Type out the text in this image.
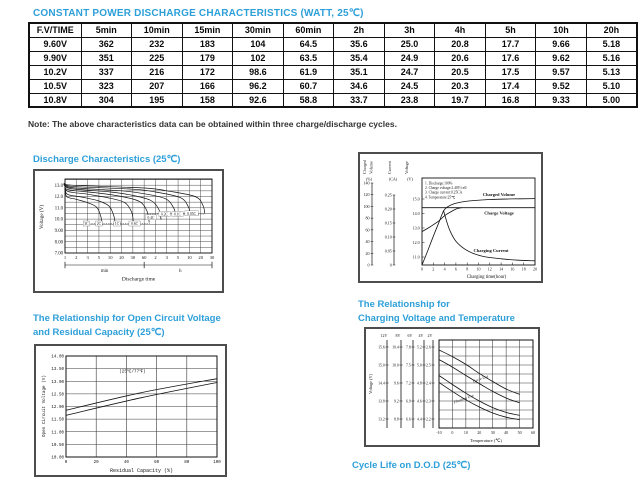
CONSTANT POWER DISCHARGE CHARACTERISTICS (WATT, 25℃)
F.V/TIME	5min	10min	15min	30min	60min	2h	3h	4h	5h	10h	20h
9.60V	362	232	183	104	64.5	35.6	25.0	20.8	17.7	9.66	5.18
9.90V	351	225	179	102	63.5	35.4	24.9	20.6	17.6	9.62	5.16
10.2V	337	216	172	98.6	61.9	35.1	24.7	20.5	17.5	9.57	5.13
10.5V	323	207	166	96.2	60.7	34.6	24.5	20.3	17.4	9.52	5.10
10.8V	304	195	158	92.6	58.8	33.7	23.8	19.7	16.8	9.33	5.00
Note: The above characteristics data can be obtained within three charge/discharge cycles.
Discharge Characteristics (25℃)
13.0
12.0
11.0
10.0
9.00
8.00
7.00
Voltage (V)
1 2 3 5 10 20 30 60 2 3 5 10 20 30
min	h
Discharge time
3C 2C	1C	0.6C
0.4C
0.2C 0.1C 0.05C
Charged Volume	Current	Voltage
(%)	(CA)	(V)
140
120
100
80
60
40
20
0
0.25
0.20
0.15
0.10
0.05
0
15.0
14.0
13.0
12.0
11.0
0 2 4 6 8 10 12 14 16 18 20
Charging time(hour)
1. Discharge:100%
2. Charge voltage:2.40V/cell
3. Charge current:0.25CA
4. Temperature:25℃
Charged Volume
Charge Voltage
Charging Current
The Relationship for Open Circuit Voltage
and Residual Capacity (25℃)
0	20	40	60	80	100
14.00
13.50
13.00
12.50
12.00
11.50
11.00
10.50
10.00
Open Circuit Voltage (V)
Residual Capacity (%)
(25℃/77℉)
The Relationship for
Charging Voltage and Temperature
Voltage (V)
12V 8V 6V 4V 2V
15.6
15.0
14.4
13.8
13.2
10.4
10.0
9.6
9.2
8.8
7.8
7.5
7.2
6.9
6.6
5.2
5.0
4.8
4.6
4.4
2.6
2.5
2.4
2.3
2.2
-10 0	10 20 30 40 50 60
Temperature (℃)
Cycle Use
Floating Use
Cycle Life on D.O.D (25℃)
